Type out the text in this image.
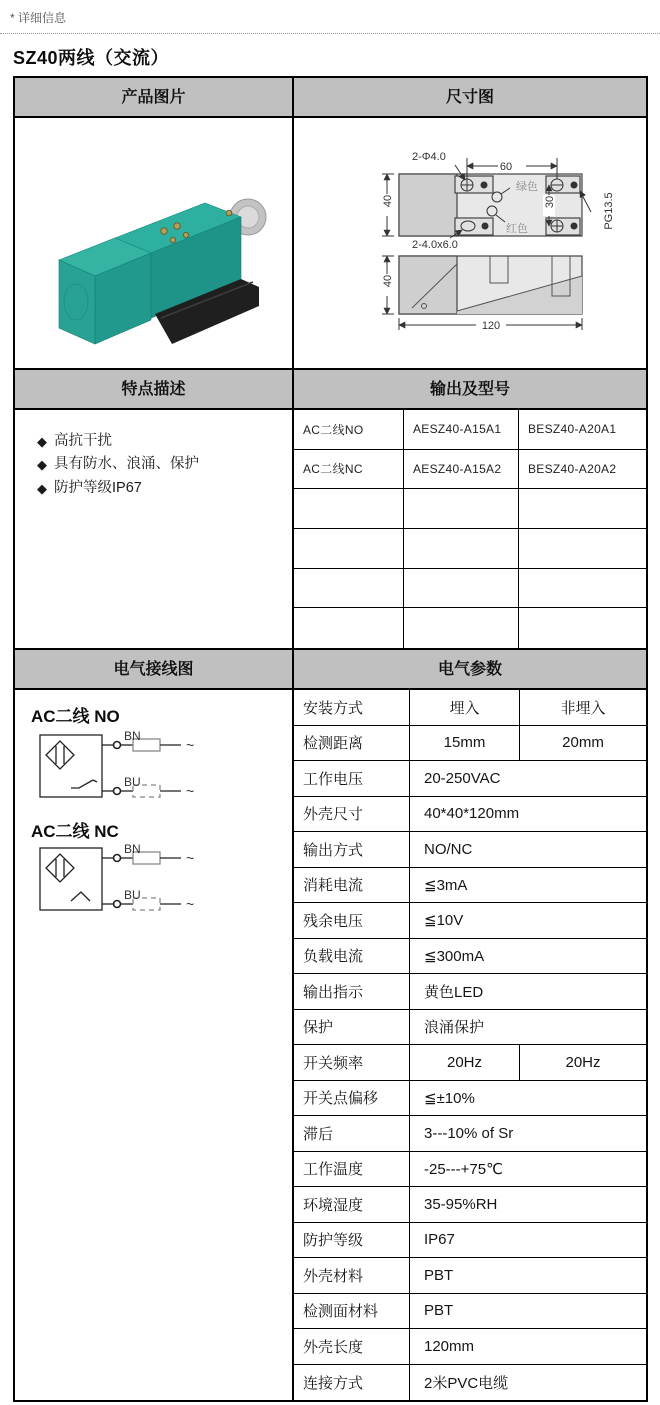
* 详细信息
SZ40两线（交流）
产品图片	尺寸图
2-Φ4.0
60
40	30
绿色
红色	PG13.5
2-4.0x6.0
40
120
特点描述	输出及型号
◆ 高抗干扰
◆ 具有防水、浪涌、保护
◆ 防护等级IP67
AC二线NO	AESZ40-A15A1	BESZ40-A20A1
AC二线NC	AESZ40-A15A2	BESZ40-A20A2
电气接线图	电气参数
AC二线 NO
BN
BU
~
~
AC二线 NC
BN
BU
~
~
安装方式	埋入	非埋入
检测距离	15mm	20mm
工作电压	20-250VAC
外壳尺寸	40*40*120mm
输出方式	NO/NC
消耗电流	≦3mA
残余电压	≦10V
负载电流	≦300mA
输出指示	黄色LED
保护	浪涌保护
开关频率	20Hz	20Hz
开关点偏移	≦±10%
滞后	3---10% of Sr
工作温度	-25---+75℃
环境湿度	35-95%RH
防护等级	IP67
外壳材料	PBT
检测面材料	PBT
外壳长度	120mm
连接方式	2米PVC电缆
